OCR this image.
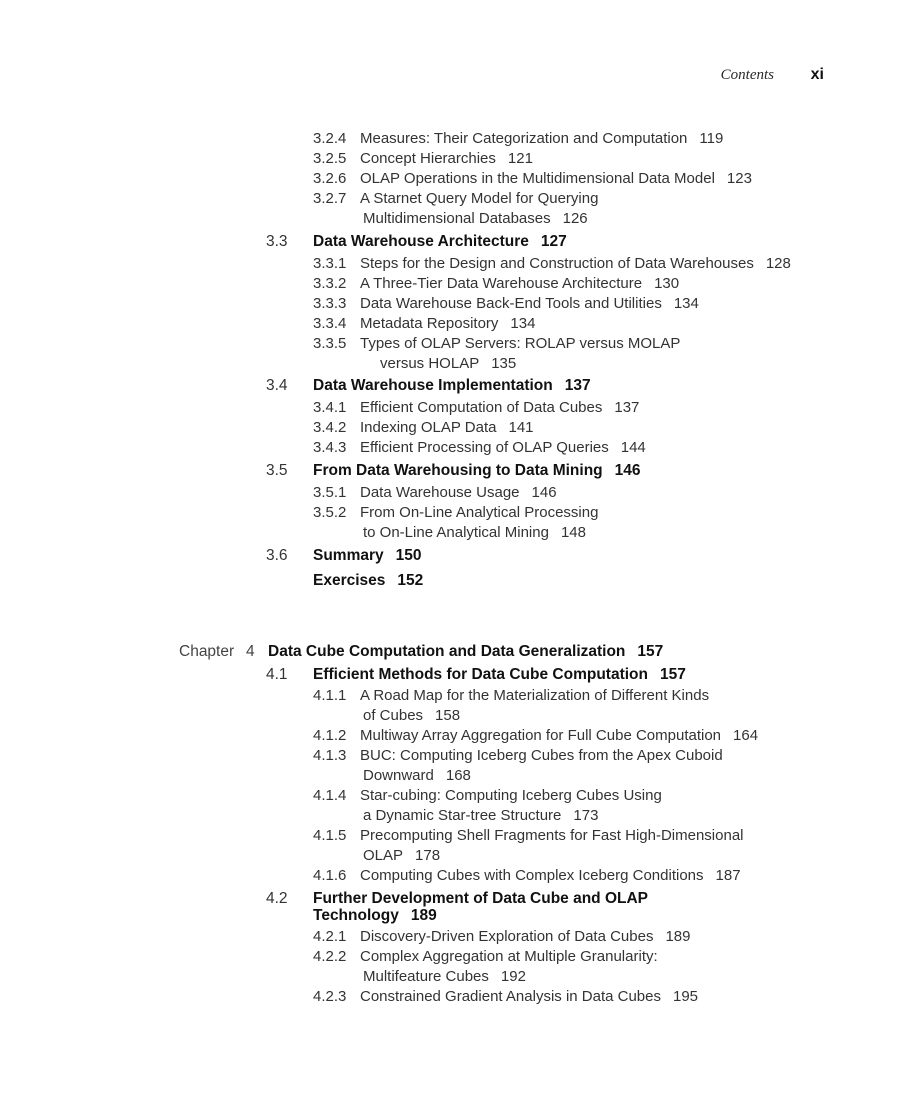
Contents xi
3.2.4 Measures: Their Categorization and Computation 119
3.2.5 Concept Hierarchies 121
3.2.6 OLAP Operations in the Multidimensional Data Model 123
3.2.7 A Starnet Query Model for Querying
Multidimensional Databases 126
3.3 Data Warehouse Architecture 127
3.3.1 Steps for the Design and Construction of Data Warehouses 128
3.3.2 A Three-Tier Data Warehouse Architecture 130
3.3.3 Data Warehouse Back-End Tools and Utilities 134
3.3.4 Metadata Repository 134
3.3.5 Types of OLAP Servers: ROLAP versus MOLAP
versus HOLAP 135
3.4 Data Warehouse Implementation 137
3.4.1 Efficient Computation of Data Cubes 137
3.4.2 Indexing OLAP Data 141
3.4.3 Efficient Processing of OLAP Queries 144
3.5 From Data Warehousing to Data Mining 146
3.5.1 Data Warehouse Usage 146
3.5.2 From On-Line Analytical Processing
to On-Line Analytical Mining 148
3.6 Summary 150
Exercises 152
Chapter 4 Data Cube Computation and Data Generalization 157
4.1 Efficient Methods for Data Cube Computation 157
4.1.1 A Road Map for the Materialization of Different Kinds
of Cubes 158
4.1.2 Multiway Array Aggregation for Full Cube Computation 164
4.1.3 BUC: Computing Iceberg Cubes from the Apex Cuboid
Downward 168
4.1.4 Star-cubing: Computing Iceberg Cubes Using
a Dynamic Star-tree Structure 173
4.1.5 Precomputing Shell Fragments for Fast High-Dimensional
OLAP 178
4.1.6 Computing Cubes with Complex Iceberg Conditions 187
4.2 Further Development of Data Cube and OLAP
Technology 189
4.2.1 Discovery-Driven Exploration of Data Cubes 189
4.2.2 Complex Aggregation at Multiple Granularity:
Multifeature Cubes 192
4.2.3 Constrained Gradient Analysis in Data Cubes 195
